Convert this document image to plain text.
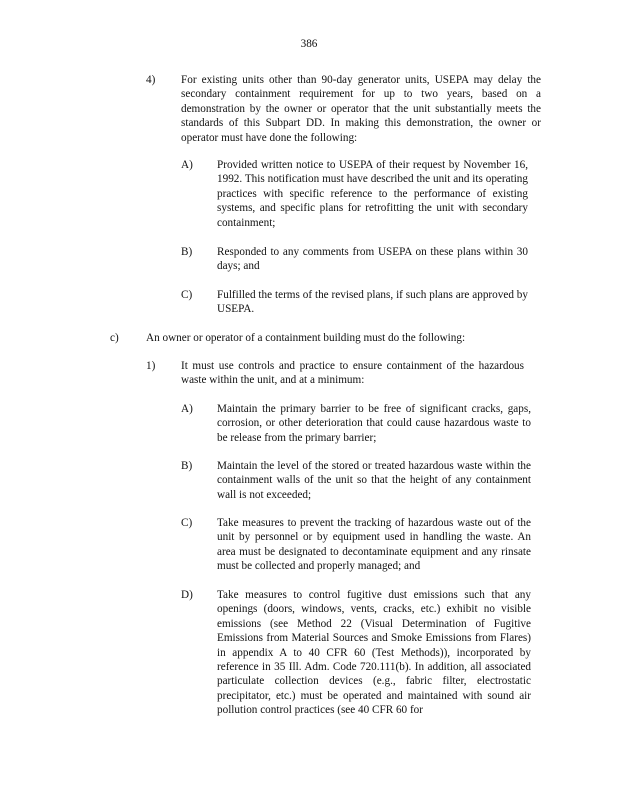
386
4) For existing units other than 90-day generator units, USEPA may delay the secondary containment requirement for up to two years, based on a demonstration by the owner or operator that the unit substantially meets the standards of this Subpart DD. In making this demonstration, the owner or operator must have done the following:
A) Provided written notice to USEPA of their request by November 16, 1992. This notification must have described the unit and its operating practices with specific reference to the performance of existing systems, and specific plans for retrofitting the unit with secondary containment;
B) Responded to any comments from USEPA on these plans within 30 days; and
C) Fulfilled the terms of the revised plans, if such plans are approved by USEPA.
c) An owner or operator of a containment building must do the following:
1) It must use controls and practice to ensure containment of the hazardous waste within the unit, and at a minimum:
A) Maintain the primary barrier to be free of significant cracks, gaps, corrosion, or other deterioration that could cause hazardous waste to be release from the primary barrier;
B) Maintain the level of the stored or treated hazardous waste within the containment walls of the unit so that the height of any containment wall is not exceeded;
C) Take measures to prevent the tracking of hazardous waste out of the unit by personnel or by equipment used in handling the waste. An area must be designated to decontaminate equipment and any rinsate must be collected and properly managed; and
D) Take measures to control fugitive dust emissions such that any openings (doors, windows, vents, cracks, etc.) exhibit no visible emissions (see Method 22 (Visual Determination of Fugitive Emissions from Material Sources and Smoke Emissions from Flares) in appendix A to 40 CFR 60 (Test Methods)), incorporated by reference in 35 Ill. Adm. Code 720.111(b). In addition, all associated particulate collection devices (e.g., fabric filter, electrostatic precipitator, etc.) must be operated and maintained with sound air pollution control practices (see 40 CFR 60 for
